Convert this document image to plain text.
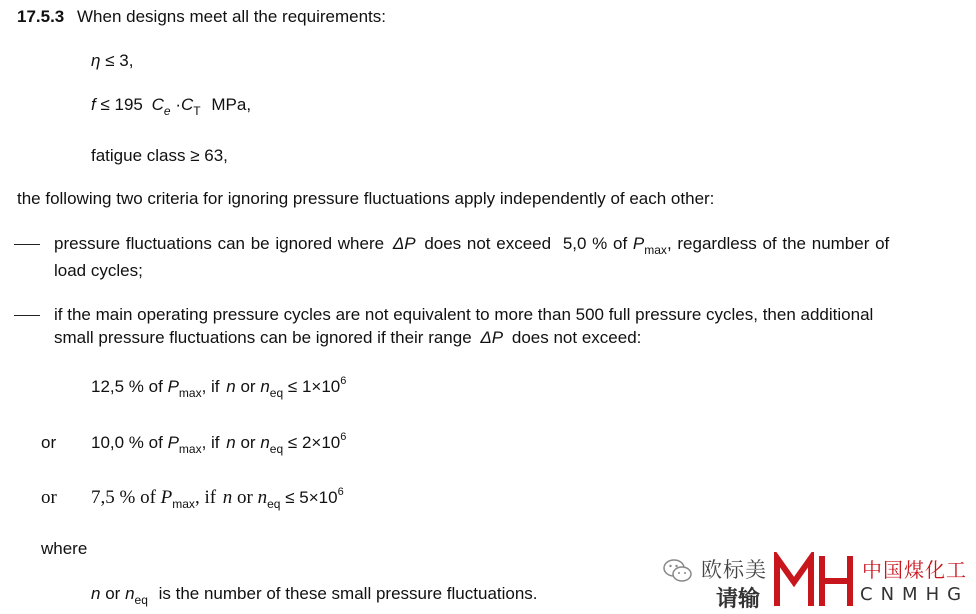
17.5.3 When designs meet all the requirements:
η ≤ 3,
f ≤ 195 $C_e \cdot C_T$ MPa,
fatigue class ≥ 63,
the following two criteria for ignoring pressure fluctuations apply independently of each other:
pressure fluctuations can be ignored where ΔP does not exceed 5,0 % of $P_{max}$, regardless of the number of
load cycles;
if the main operating pressure cycles are not equivalent to more than 500 full pressure cycles, then additional
small pressure fluctuations can be ignored if their range ΔP does not exceed:
12,5 % of $P_{max}$, if n or $n_{eq} \le 1\times 10^6$
or 10,0 % of $P_{max}$, if n or $n_{eq} \le 2\times 10^6$
or 7,5 % of $P_{max}$, if n or $n_{eq} \le 5\times 10^6$
where
n or $n_{eq}$ is the number of these small pressure fluctuations.
欧标美
请输
中国煤化工
CNMHG
